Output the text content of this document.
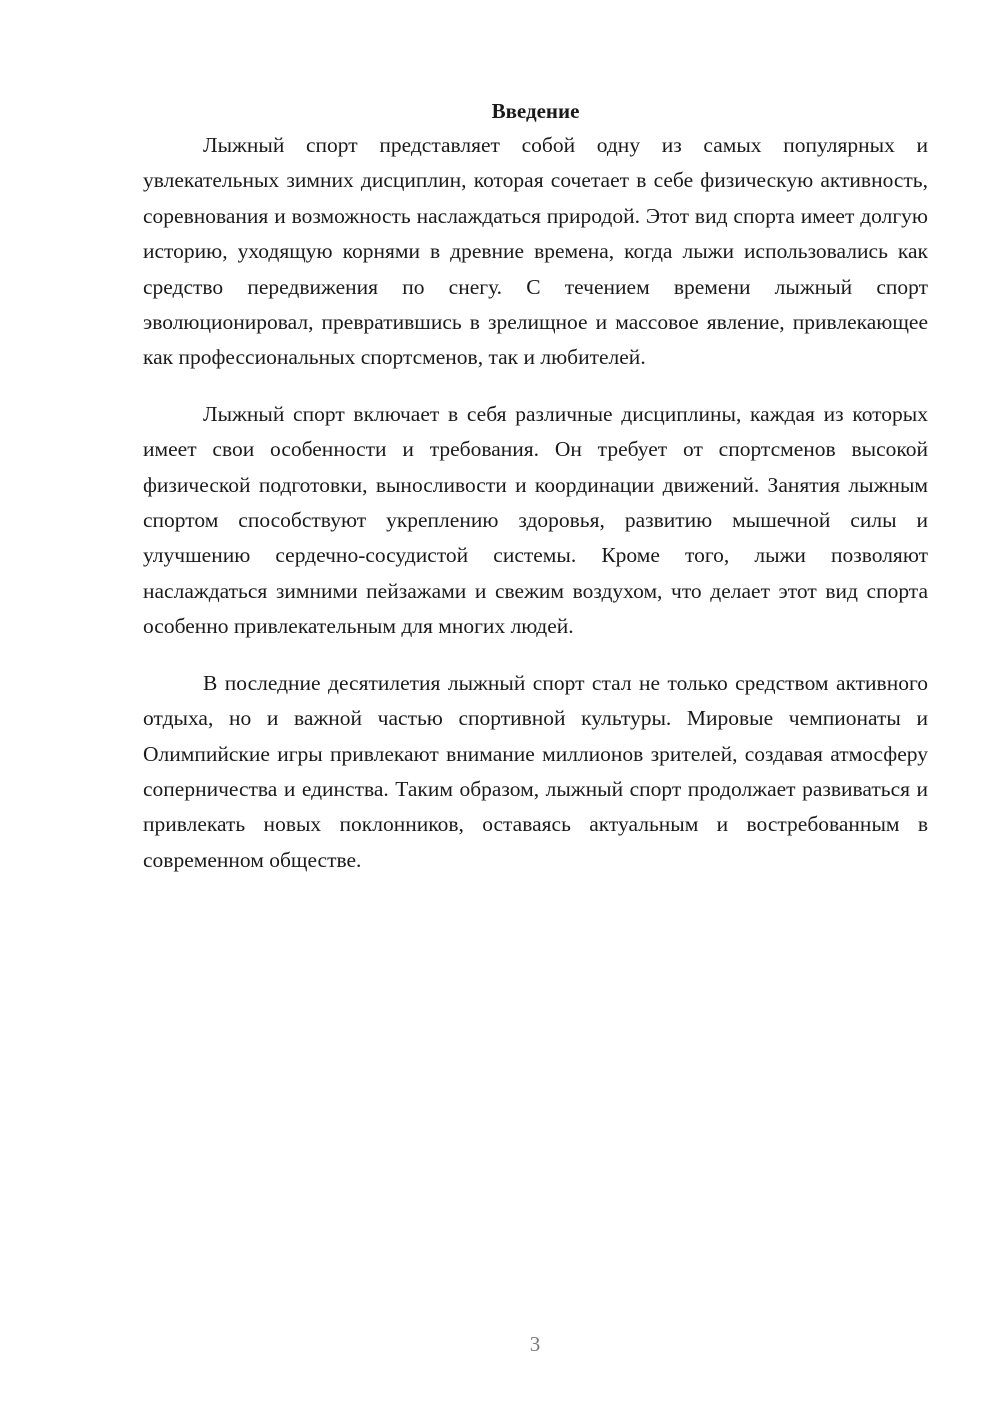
Введение

Лыжный спорт представляет собой одну из самых популярных и увлекательных зимних дисциплин, которая сочетает в себе физическую активность, соревнования и возможность наслаждаться природой. Этот вид спорта имеет долгую историю, уходящую корнями в древние времена, когда лыжи использовались как средство передвижения по снегу. С течением времени лыжный спорт эволюционировал, превратившись в зрелищное и массовое явление, привлекающее как профессиональных спортсменов, так и любителей.

Лыжный спорт включает в себя различные дисциплины, каждая из которых имеет свои особенности и требования. Он требует от спортсменов высокой физической подготовки, выносливости и координации движений. Занятия лыжным спортом способствуют укреплению здоровья, развитию мышечной силы и улучшению сердечно-сосудистой системы. Кроме того, лыжи позволяют наслаждаться зимними пейзажами и свежим воздухом, что делает этот вид спорта особенно привлекательным для многих людей.

В последние десятилетия лыжный спорт стал не только средством активного отдыха, но и важной частью спортивной культуры. Мировые чемпионаты и Олимпийские игры привлекают внимание миллионов зрителей, создавая атмосферу соперничества и единства. Таким образом, лыжный спорт продолжает развиваться и привлекать новых поклонников, оставаясь актуальным и востребованным в современном обществе.

3
